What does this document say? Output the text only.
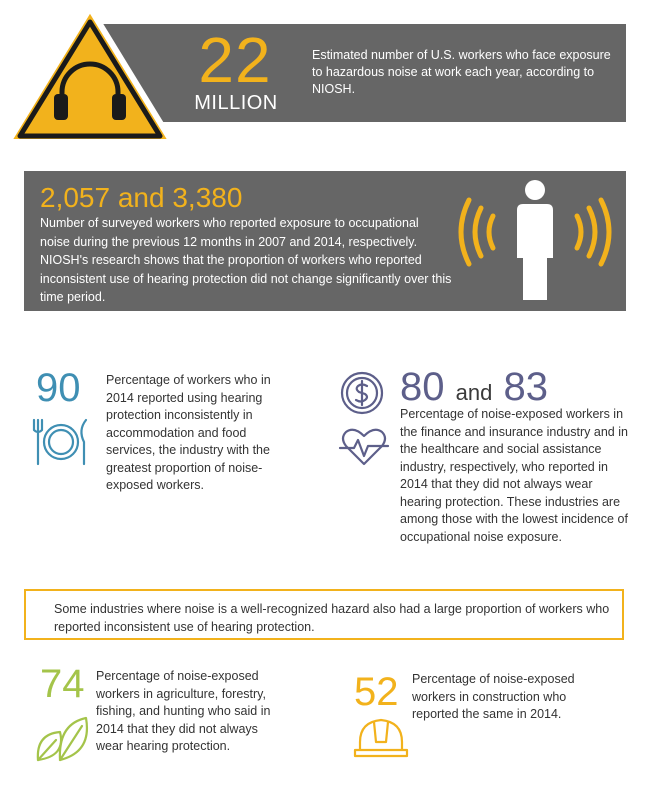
22
MILLION
Estimated number of U.S. workers who face exposure to hazardous noise at work each year, according to NIOSH.
2,057 and 3,380
Number of surveyed workers who reported exposure to occupational noise during the previous 12 months in 2007 and 2014, respectively. NIOSH's research shows that the proportion of workers who reported inconsistent use of hearing protection did not change significantly over this time period.
90 Percentage of workers who in 2014 reported using hearing protection inconsistently in accommodation and food services, the industry with the greatest proportion of noise-exposed workers.
80 and 83
Percentage of noise-exposed workers in the finance and insurance industry and in the healthcare and social assistance industry, respectively, who reported in 2014 that they did not always wear hearing protection. These industries are among those with the lowest incidence of occupational noise exposure.
Some industries where noise is a well-recognized hazard also had a large proportion of workers who reported inconsistent use of hearing protection.
74 Percentage of noise-exposed workers in agriculture, forestry, fishing, and hunting who said in 2014 that they did not always wear hearing protection.
52 Percentage of noise-exposed workers in construction who reported the same in 2014.
